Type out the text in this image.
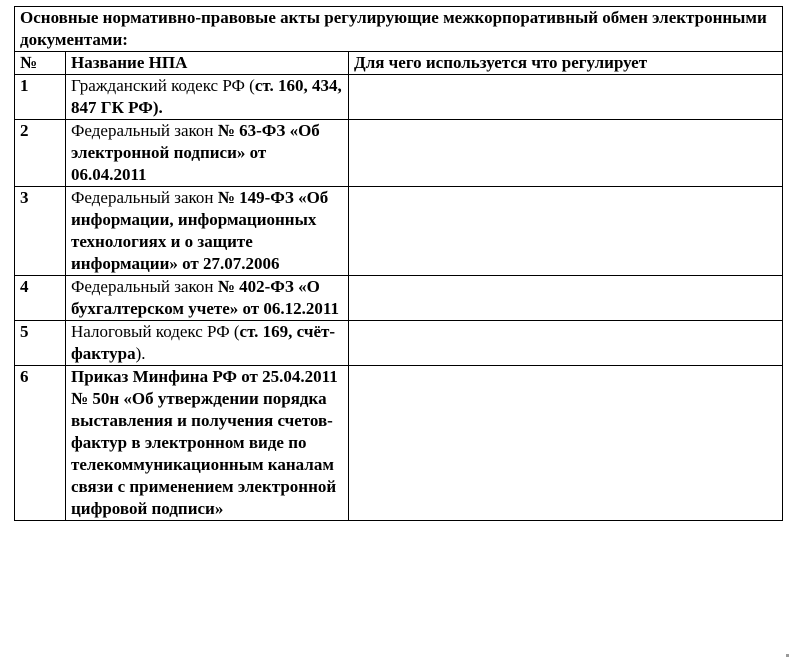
Основные нормативно-правовые акты регулирующие межкорпоративный обмен электронными документами:		
№	Название НПА	Для чего используется что регулирует
1	Гражданский кодекс РФ (ст. 160, 434, 847 ГК РФ).	
2	Федеральный закон № 63-ФЗ «Об электронной подписи» от 06.04.2011	
3	Федеральный закон № 149-ФЗ «Об информации, информационных технологиях и о защите информации» от 27.07.2006	
4	Федеральный закон № 402-ФЗ «О бухгалтерском учете» от 06.12.2011	
5	Налоговый кодекс РФ (ст. 169, счёт-фактура).	
6	Приказ Минфина РФ от 25.04.2011 № 50н «Об утверждении порядка выставления и получения счетов-фактур в электронном виде по телекоммуникационным каналам связи с применением электронной цифровой подписи»	
